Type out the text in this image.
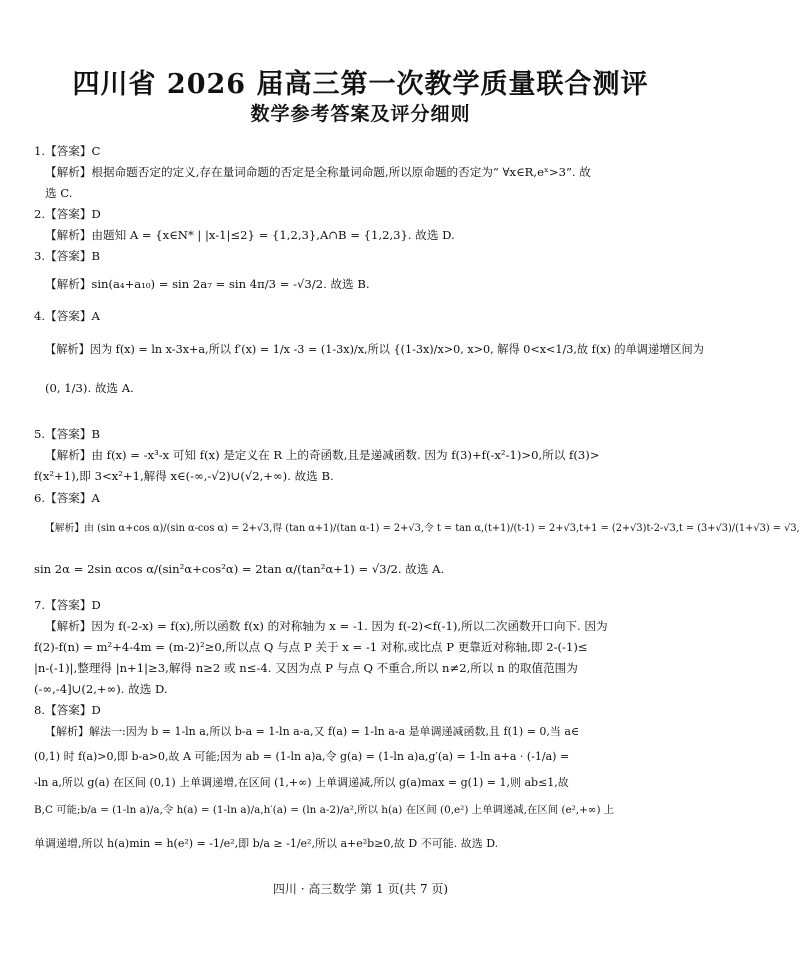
四川省 2026 届高三第一次教学质量联合测评
数学参考答案及评分细则
1.【答案】C
【解析】根据命题否定的定义,存在量词命题的否定是全称量词命题,所以原命题的否定为“ ∀x∈R,eˣ>3”. 故
选 C.
2.【答案】D
【解析】由题知 A = {x∈N* | |x-1|≤2} = {1,2,3},A∩B = {1,2,3}. 故选 D.
3.【答案】B
【解析】sin(a₄+a₁₀) = sin 2a₇ = sin 4π/3 = -√3/2. 故选 B.
4.【答案】A
【解析】因为 f(x) = ln x-3x+a,所以 f′(x) = 1/x -3 = (1-3x)/x,所以 {(1-3x)/x>0, x>0, 解得 0<x<1/3,故 f(x) 的单调递增区间为
(0, 1/3). 故选 A.
5.【答案】B
【解析】由 f(x) = -x³-x 可知 f(x) 是定义在 R 上的奇函数,且是递减函数. 因为 f(3)+f(-x²-1)>0,所以 f(3)>
f(x²+1),即 3<x²+1,解得 x∈(-∞,-√2)∪(√2,+∞). 故选 B.
6.【答案】A
【解析】由 (sin α+cos α)/(sin α-cos α) = 2+√3,得 (tan α+1)/(tan α-1) = 2+√3,令 t = tan α,(t+1)/(t-1) = 2+√3,t+1 = (2+√3)t-2-√3,t = (3+√3)/(1+√3) = √3,
sin 2α = 2sin αcos α/(sin²α+cos²α) = 2tan α/(tan²α+1) = √3/2. 故选 A.
7.【答案】D
【解析】因为 f(-2-x) = f(x),所以函数 f(x) 的对称轴为 x = -1. 因为 f(-2)<f(-1),所以二次函数开口向下. 因为
f(2)-f(n) = m²+4-4m = (m-2)²≥0,所以点 Q 与点 P 关于 x = -1 对称,或比点 P 更靠近对称轴,即 2-(-1)≤
|n-(-1)|,整理得 |n+1|≥3,解得 n≥2 或 n≤-4. 又因为点 P 与点 Q 不重合,所以 n≠2,所以 n 的取值范围为
(-∞,-4]∪(2,+∞). 故选 D.
8.【答案】D
【解析】解法一:因为 b = 1-ln a,所以 b-a = 1-ln a-a,又 f(a) = 1-ln a-a 是单调递减函数,且 f(1) = 0,当 a∈
(0,1) 时 f(a)>0,即 b-a>0,故 A 可能;因为 ab = (1-ln a)a,令 g(a) = (1-ln a)a,g′(a) = 1-ln a+a · (-1/a) =
-ln a,所以 g(a) 在区间 (0,1) 上单调递增,在区间 (1,+∞) 上单调递减,所以 g(a)max = g(1) = 1,则 ab≤1,故
B,C 可能;b/a = (1-ln a)/a,令 h(a) = (1-ln a)/a,h′(a) = (ln a-2)/a²,所以 h(a) 在区间 (0,e²) 上单调递减,在区间 (e²,+∞) 上
单调递增,所以 h(a)min = h(e²) = -1/e²,即 b/a ≥ -1/e²,所以 a+e²b≥0,故 D 不可能. 故选 D.
四川 · 高三数学 第 1 页(共 7 页)
